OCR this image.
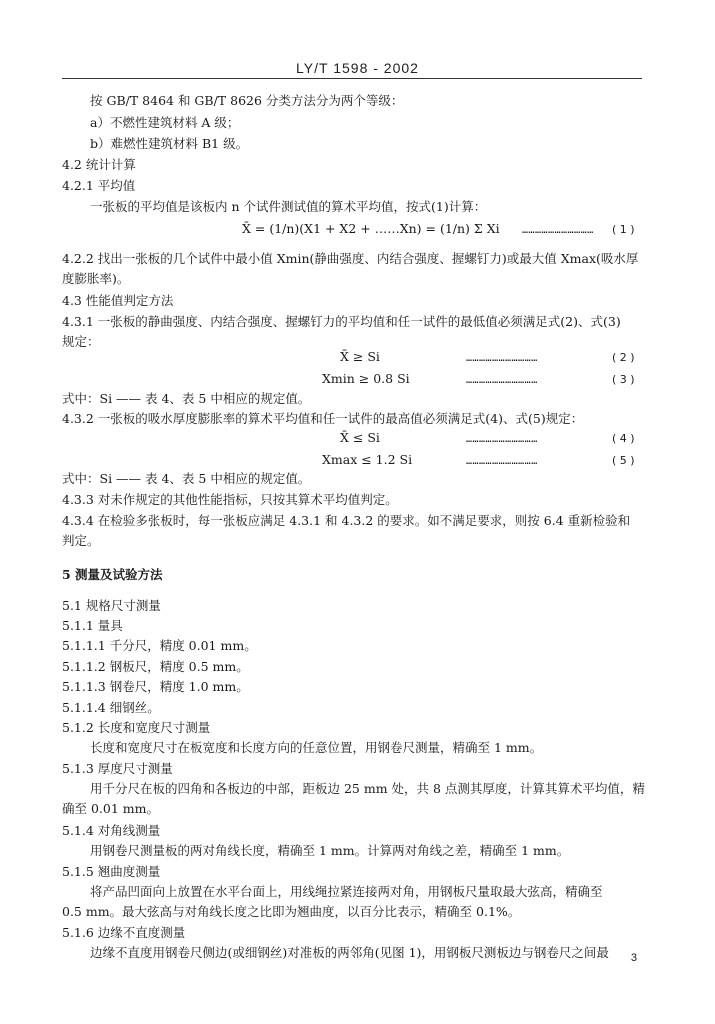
LY/T 1598 - 2002
按 GB/T 8464 和 GB/T 8626 分类方法分为两个等级：
a）不燃性建筑材料 A 级；
b）难燃性建筑材料 B1 级。
4.2 统计计算
4.2.1 平均值
一张板的平均值是该板内 n 个试件测试值的算术平均值，按式(1)计算：
X̄ = (1/n)(X1 + X2 + ……Xn) = (1/n) Σ Xi …………………………… ( 1 )
4.2.2 找出一张板的几个试件中最小值 Xmin(静曲强度、内结合强度、握螺钉力)或最大值 Xmax(吸水厚
度膨胀率)。
4.3 性能值判定方法
4.3.1 一张板的静曲强度、内结合强度、握螺钉力的平均值和任一试件的最低值必须满足式(2)、式(3)
规定：
X̄ ≥ Si	……………………………	( 2 )
Xmin ≥ 0.8 Si	……………………………	( 3 )
式中：Si —— 表 4、表 5 中相应的规定值。
4.3.2 一张板的吸水厚度膨胀率的算术平均值和任一试件的最高值必须满足式(4)、式(5)规定：
X̄ ≤ Si	……………………………	( 4 )
Xmax ≤ 1.2 Si	……………………………	( 5 )
式中：Si —— 表 4、表 5 中相应的规定值。
4.3.3 对未作规定的其他性能指标，只按其算术平均值判定。
4.3.4 在检验多张板时，每一张板应满足 4.3.1 和 4.3.2 的要求。如不满足要求，则按 6.4 重新检验和
判定。
5 测量及试验方法
5.1 规格尺寸测量
5.1.1 量具
5.1.1.1 千分尺，精度 0.01 mm。
5.1.1.2 钢板尺，精度 0.5 mm。
5.1.1.3 钢卷尺，精度 1.0 mm。
5.1.1.4 细钢丝。
5.1.2 长度和宽度尺寸测量
长度和宽度尺寸在板宽度和长度方向的任意位置，用钢卷尺测量，精确至 1 mm。
5.1.3 厚度尺寸测量
用千分尺在板的四角和各板边的中部，距板边 25 mm 处，共 8 点测其厚度，计算其算术平均值，精
确至 0.01 mm。
5.1.4 对角线测量
用钢卷尺测量板的两对角线长度，精确至 1 mm。计算两对角线之差，精确至 1 mm。
5.1.5 翘曲度测量
将产品凹面向上放置在水平台面上，用线绳拉紧连接两对角，用钢板尺量取最大弦高，精确至
0.5 mm。最大弦高与对角线长度之比即为翘曲度，以百分比表示，精确至 0.1%。
5.1.6 边缘不直度测量
边缘不直度用钢卷尺侧边(或细钢丝)对准板的两邻角(见图 1)，用钢板尺测板边与钢卷尺之间最 3
